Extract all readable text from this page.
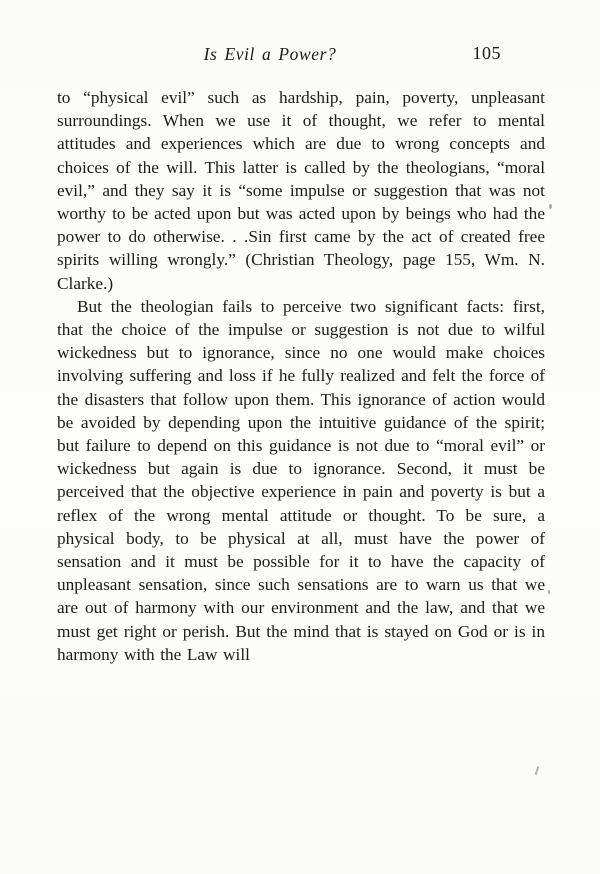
Is Evil a Power?	105

to “physical evil” such as hardship, pain, poverty, unpleasant surroundings. When we use it of thought, we refer to mental attitudes and experiences which are due to wrong concepts and choices of the will. This latter is called by the theologians, “moral evil,” and they say it is “some impulse or suggestion that was not worthy to be acted upon but was acted upon by beings who had the power to do otherwise. . .Sin first came by the act of created free spirits willing wrongly.” (Christian Theology, page 155, Wm. N. Clarke.)

But the theologian fails to perceive two significant facts: first, that the choice of the impulse or suggestion is not due to wilful wickedness but to ignorance, since no one would make choices involving suffering and loss if he fully realized and felt the force of the disasters that follow upon them. This ignorance of action would be avoided by depending upon the intuitive guidance of the spirit; but failure to depend on this guidance is not due to “moral evil” or wickedness but again is due to ignorance. Second, it must be perceived that the objective experience in pain and poverty is but a reflex of the wrong mental attitude or thought. To be sure, a physical body, to be physical at all, must have the power of sensation and it must be possible for it to have the capacity of unpleasant sensation, since such sensations are to warn us that we are out of harmony with our environment and the law, and that we must get right or perish. But the mind that is stayed on God or is in harmony with the Law will
